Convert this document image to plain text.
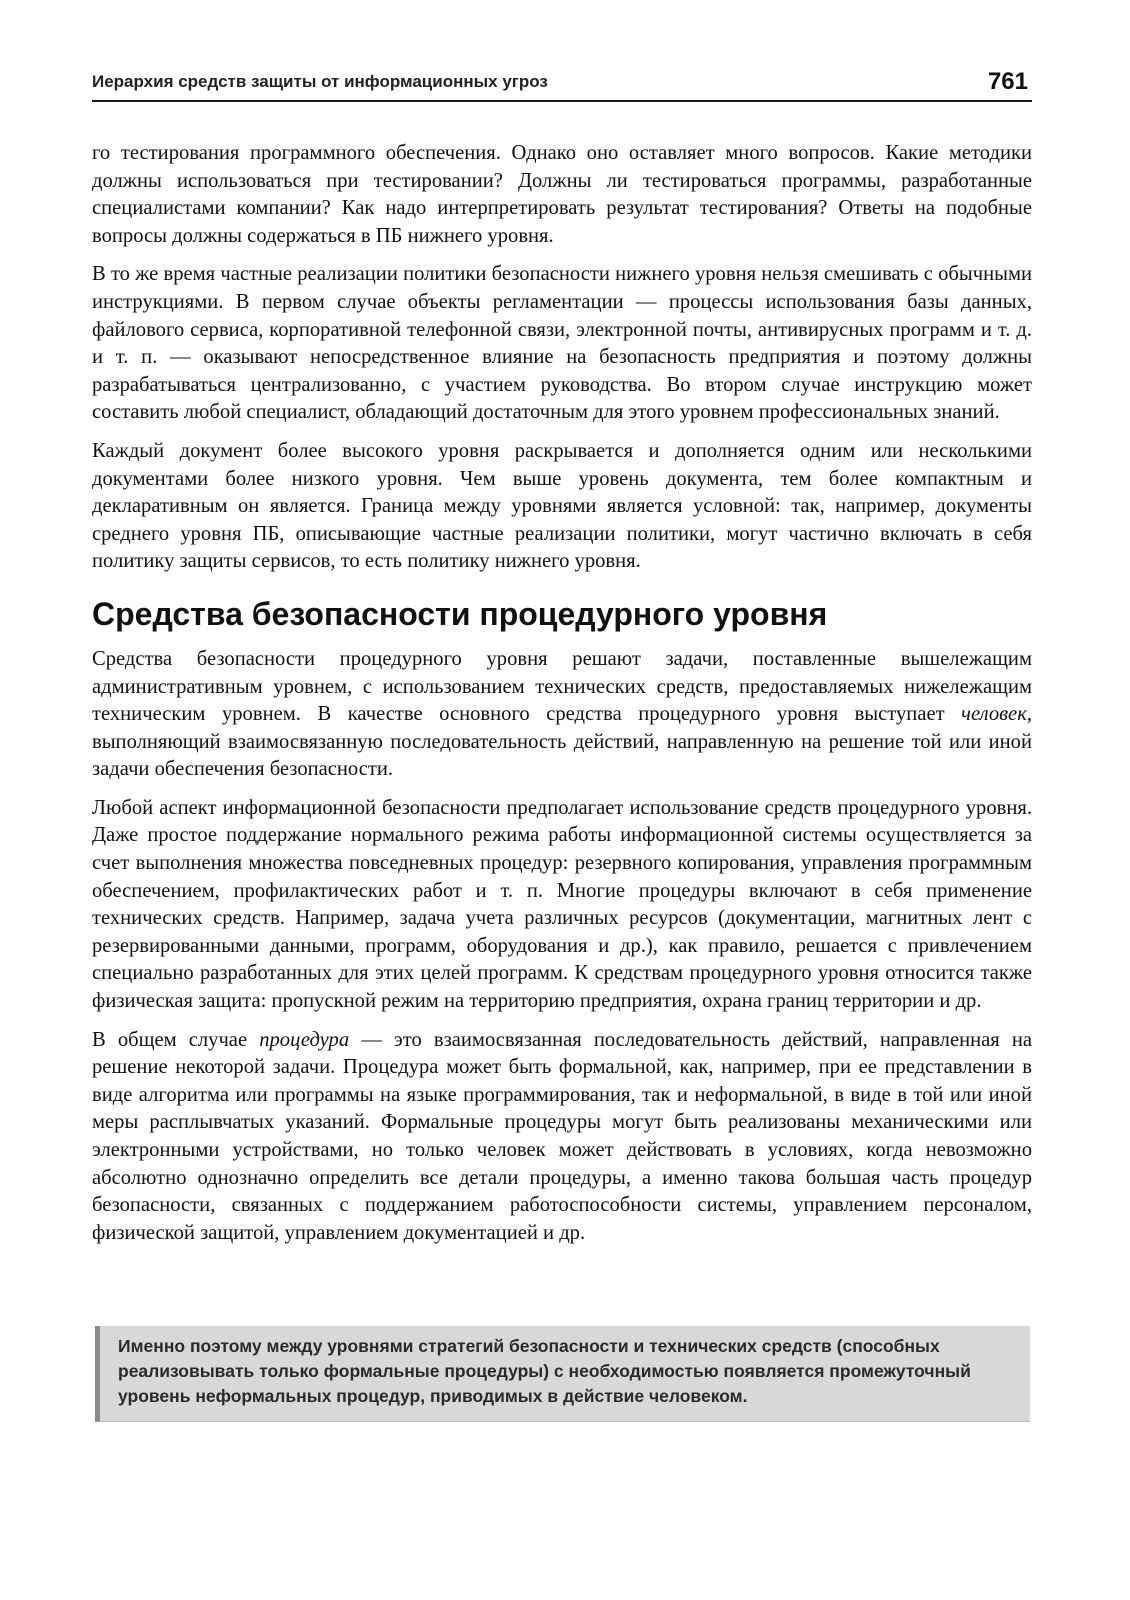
Иерархия средств защиты от информационных угроз	761

го тестирования программного обеспечения. Однако оно оставляет много вопросов. Какие методики должны использоваться при тестировании? Должны ли тестироваться программы, разработанные специалистами компании? Как надо интерпретировать результат тестирования? Ответы на подобные вопросы должны содержаться в ПБ нижнего уровня.

В то же время частные реализации политики безопасности нижнего уровня нельзя смешивать с обычными инструкциями. В первом случае объекты регламентации — процессы использования базы данных, файлового сервиса, корпоративной телефонной связи, электронной почты, антивирусных программ и т. д. и т. п. — оказывают непосредственное влияние на безопасность предприятия и поэтому должны разрабатываться централизованно, с участием руководства. Во втором случае инструкцию может составить любой специалист, обладающий достаточным для этого уровнем профессиональных знаний.

Каждый документ более высокого уровня раскрывается и дополняется одним или несколькими документами более низкого уровня. Чем выше уровень документа, тем более компактным и декларативным он является. Граница между уровнями является условной: так, например, документы среднего уровня ПБ, описывающие частные реализации политики, могут частично включать в себя политику защиты сервисов, то есть политику нижнего уровня.

Средства безопасности процедурного уровня

Средства безопасности процедурного уровня решают задачи, поставленные вышележащим административным уровнем, с использованием технических средств, предоставляемых нижележащим техническим уровнем. В качестве основного средства процедурного уровня выступает человек, выполняющий взаимосвязанную последовательность действий, направленную на решение той или иной задачи обеспечения безопасности.

Любой аспект информационной безопасности предполагает использование средств процедурного уровня. Даже простое поддержание нормального режима работы информационной системы осуществляется за счет выполнения множества повседневных процедур: резервного копирования, управления программным обеспечением, профилактических работ и т. п. Многие процедуры включают в себя применение технических средств. Например, задача учета различных ресурсов (документации, магнитных лент с резервированными данными, программ, оборудования и др.), как правило, решается с привлечением специально разработанных для этих целей программ. К средствам процедурного уровня относится также физическая защита: пропускной режим на территорию предприятия, охрана границ территории и др.

В общем случае процедура — это взаимосвязанная последовательность действий, направленная на решение некоторой задачи. Процедура может быть формальной, как, например, при ее представлении в виде алгоритма или программы на языке программирования, так и неформальной, в виде в той или иной меры расплывчатых указаний. Формальные процедуры могут быть реализованы механическими или электронными устройствами, но только человек может действовать в условиях, когда невозможно абсолютно однозначно определить все детали процедуры, а именно такова большая часть процедур безопасности, связанных с поддержанием работоспособности системы, управлением персоналом, физической защитой, управлением документацией и др.

Именно поэтому между уровнями стратегий безопасности и технических средств (способных реализовывать только формальные процедуры) с необходимостью появляется промежуточный уровень неформальных процедур, приводимых в действие человеком.
